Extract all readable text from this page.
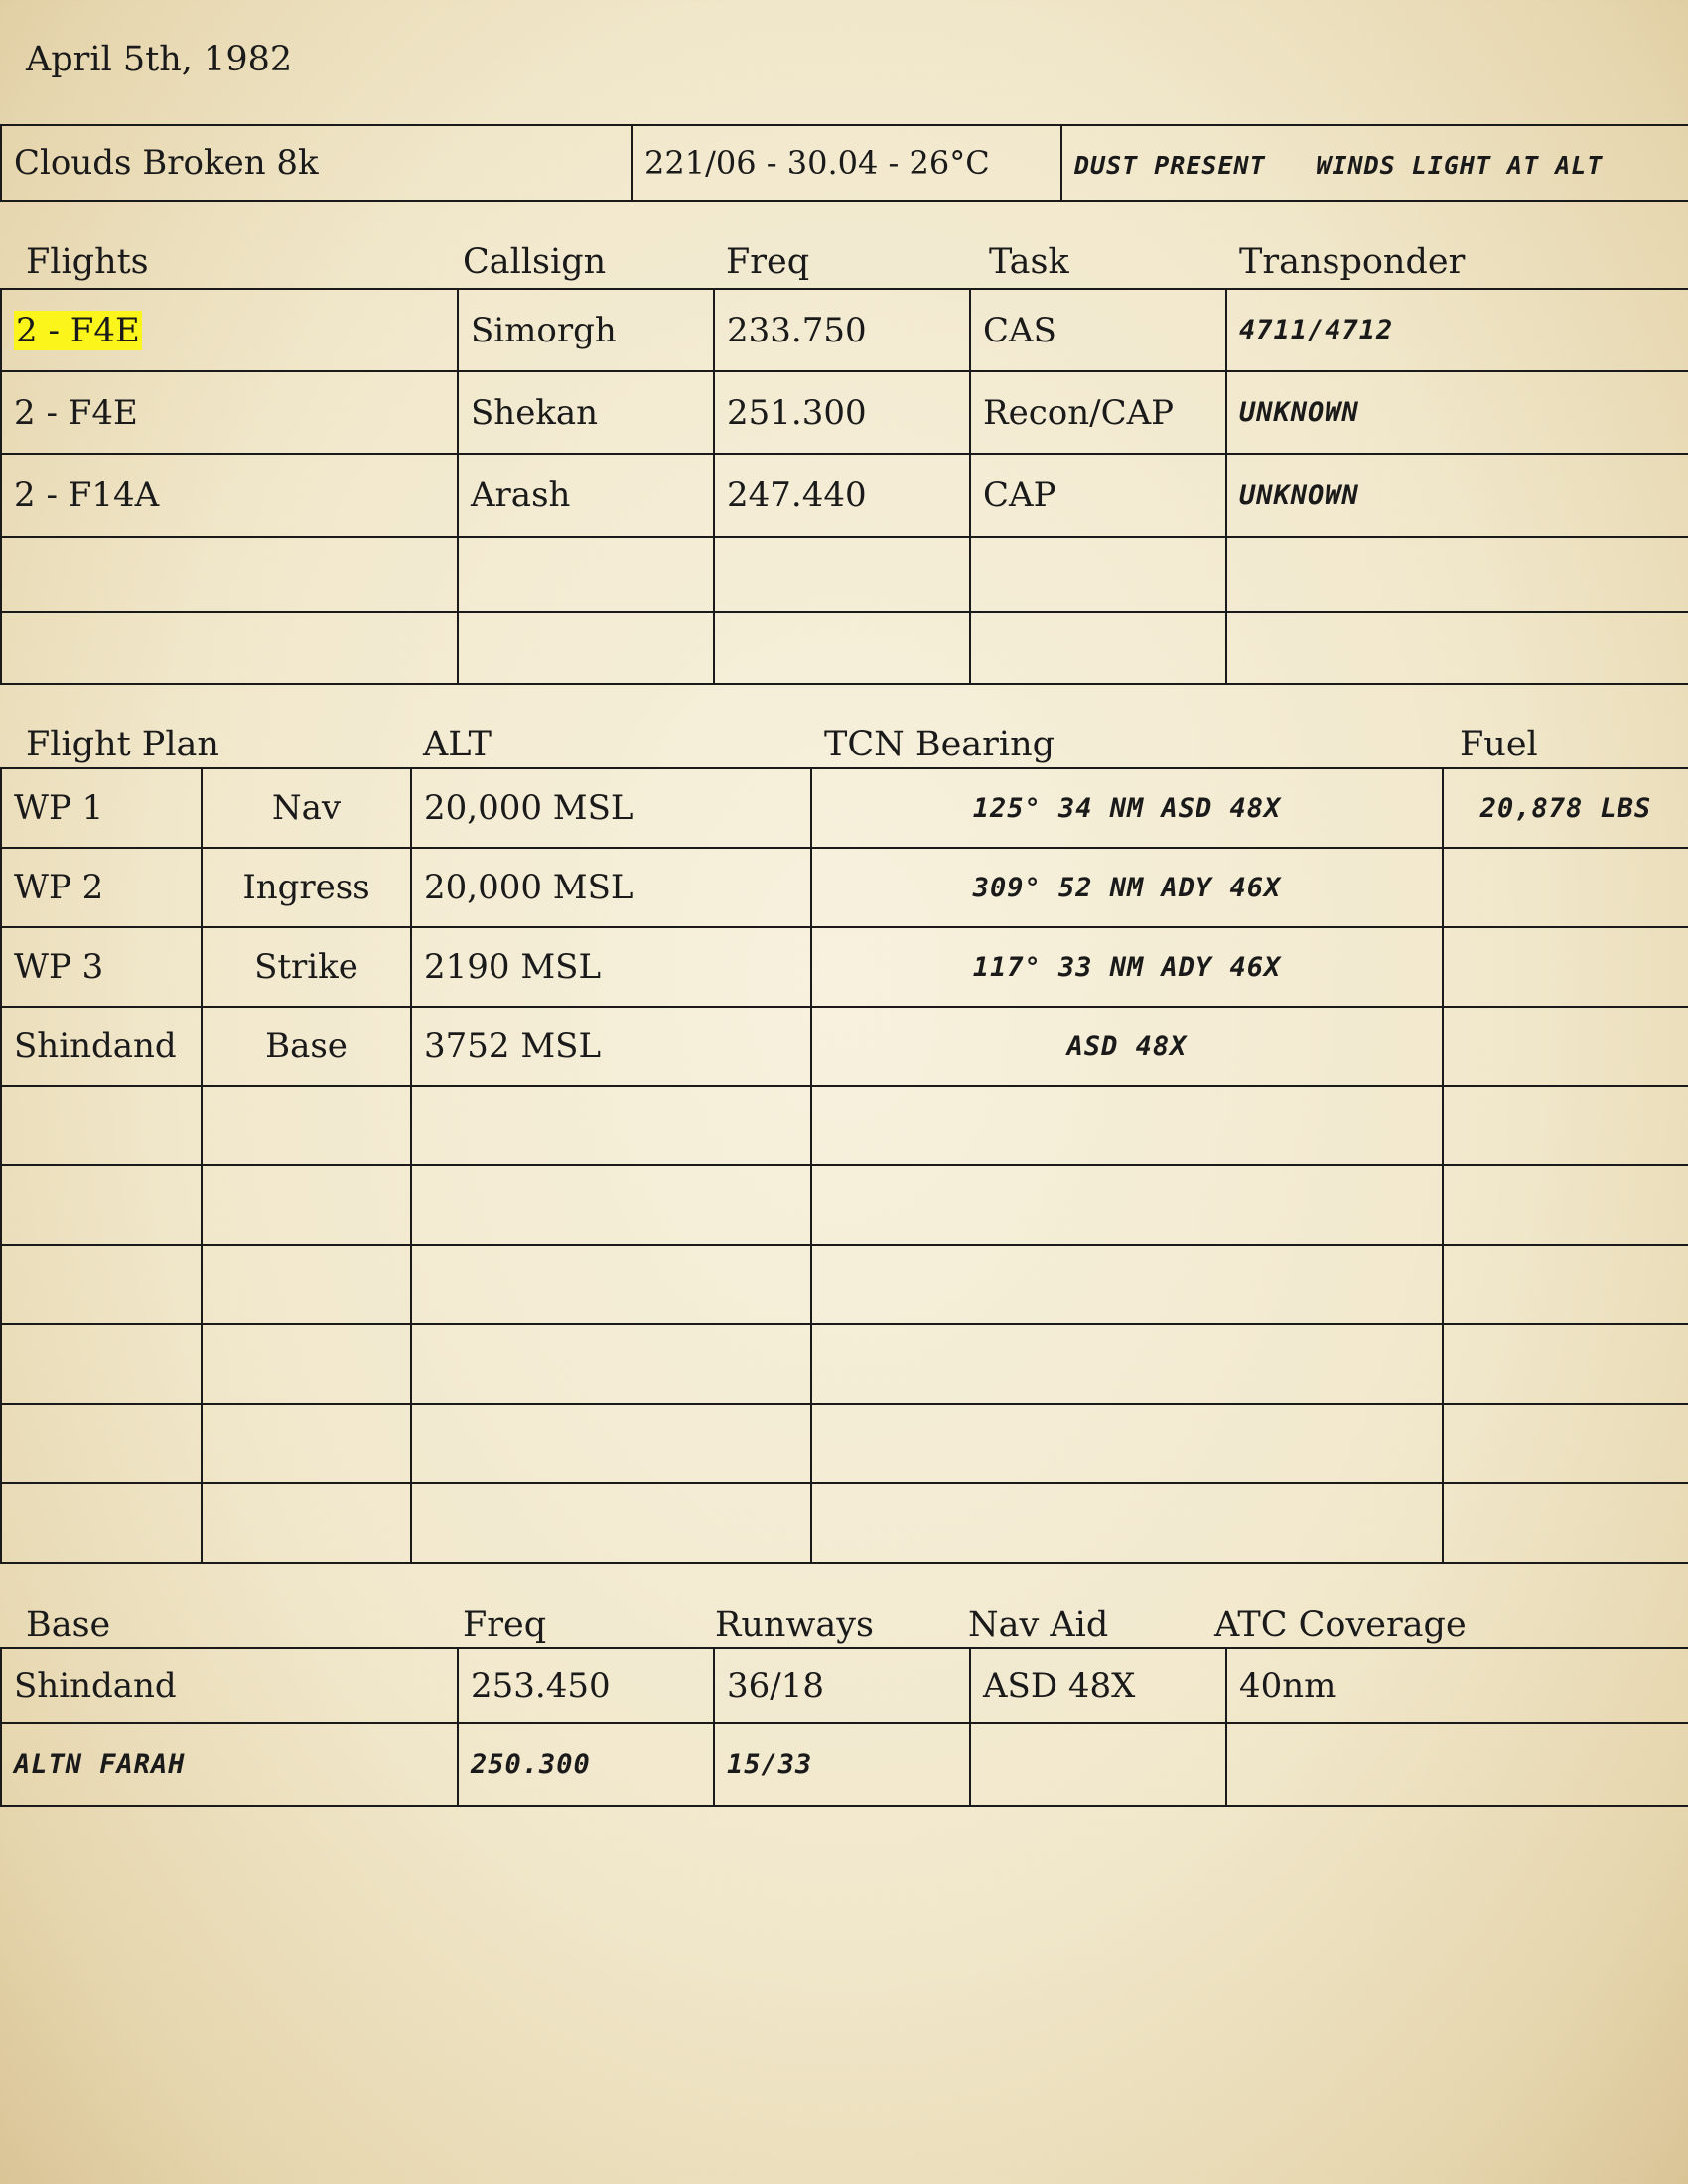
April 5th, 1982
Clouds Broken 8k	221/06 - 30.04 - 26°C	DUST PRESENT WINDS LIGHT AT ALT
Flights	Callsign	Freq	Task	Transponder
2 - F4E	Simorgh	233.750	CAS	4711/4712
2 - F4E	Shekan	251.300	Recon/CAP	UNKNOWN
2 - F14A	Arash	247.440	CAP	UNKNOWN

Flight Plan	ALT	TCN Bearing	Fuel
WP 1	Nav	20,000 MSL	125° 34 NM ASD 48X	20,878 LBS
WP 2	Ingress	20,000 MSL	309° 52 NM ADY 46X	
WP 3	Strike	2190 MSL	117° 33 NM ADY 46X	
Shindand	Base	3752 MSL	ASD 48X	

Base	Freq	Runways	Nav Aid	ATC Coverage
Shindand	253.450	36/18	ASD 48X	40nm
ALTN FARAH	250.300	15/33		
